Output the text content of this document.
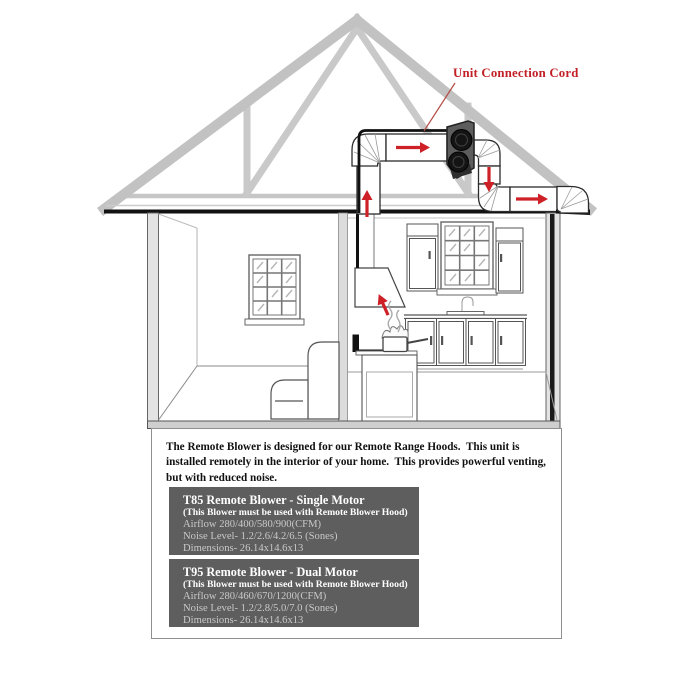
Unit Connection Cord
The Remote Blower is designed for our Remote Range Hoods.  This unit is installed remotely in the interior of your home.  This provides powerful venting, but with reduced noise.
T85 Remote Blower - Single Motor
(This Blower must be used with Remote Blower Hood)
Airflow 280/400/580/900(CFM)
Noise Level- 1.2/2.6/4.2/6.5 (Sones)
Dimensions- 26.14x14.6x13
T95 Remote Blower - Dual Motor
(This Blower must be used with Remote Blower Hood)
Airflow 280/460/670/1200(CFM)
Noise Level- 1.2/2.8/5.0/7.0 (Sones)
Dimensions- 26.14x14.6x13
